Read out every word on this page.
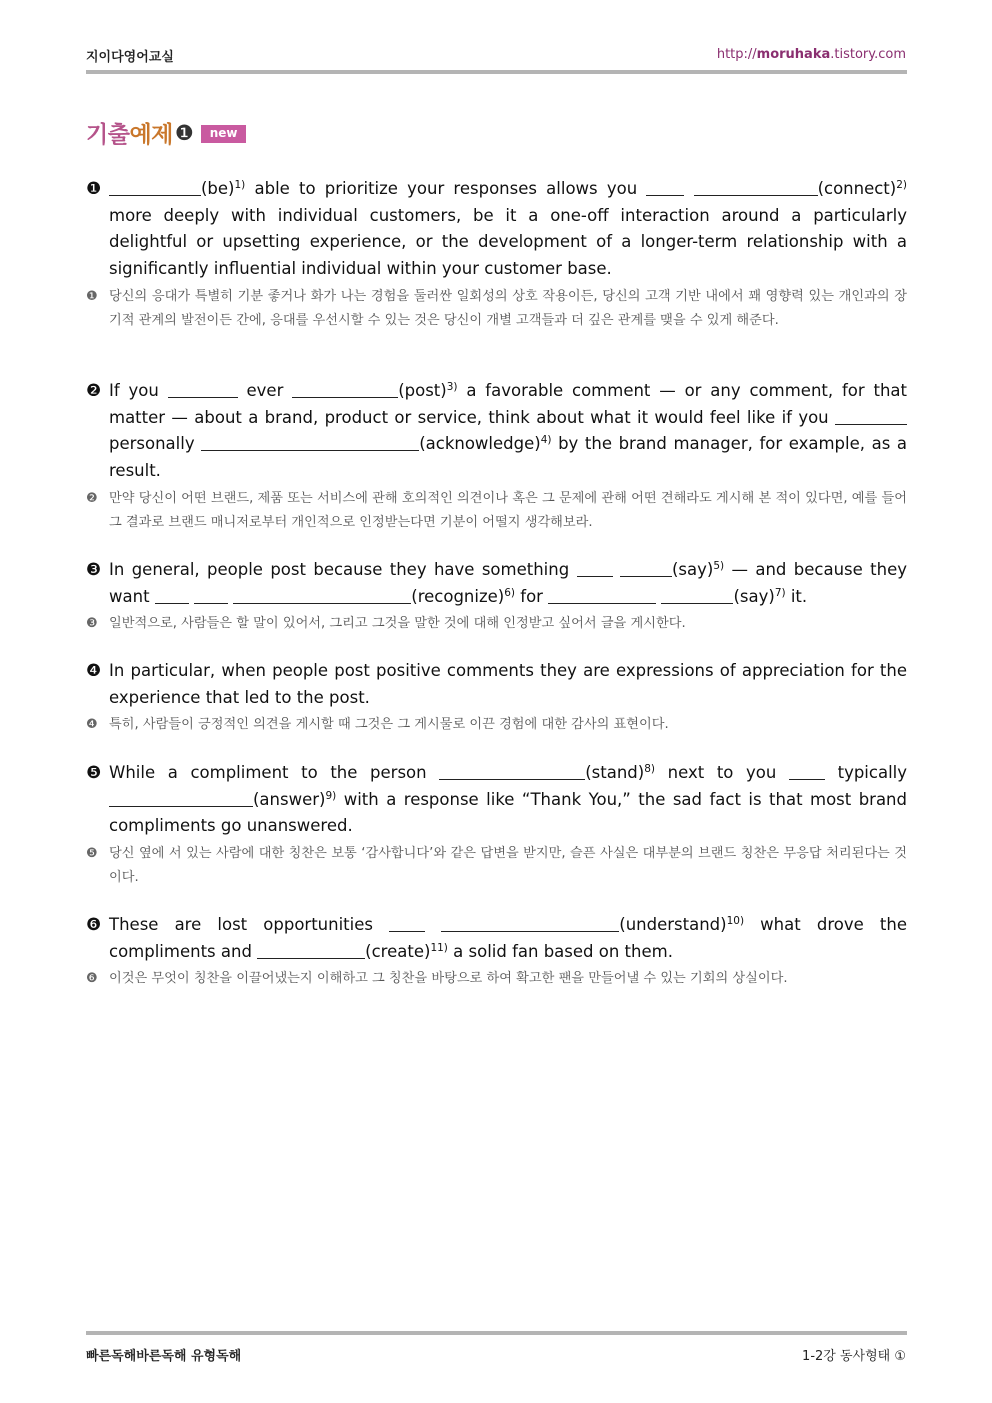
지이다영어교실	http://moruhaka.tistory.com
기출예제 ❶	new
❶	(be)$^{1)}$ able to prioritize your responses allows you	(connect)$^{2)}$ more deeply with individual customers, be it a one-off interaction around a particularly delightful or upsetting experience, or the development of a longer-term relationship with a significantly influential individual within your customer base.
❶ 당신의 응대가 특별히 기분 좋거나 화가 나는 경험을 둘러싼 일회성의 상호 작용이든, 당신의 고객 기반 내에서 꽤 영향력 있는 개인과의 장기적 관계의 발전이든 간에, 응대를 우선시할 수 있는 것은 당신이 개별 고객들과 더 깊은 관계를 맺을 수 있게 해준다.
❷ If you	ever	(post)$^{3)}$ a favorable comment — or any comment, for that matter — about a brand, product or service, think about what it would feel like if you  personally	(acknowledge)$^{4)}$ by the brand manager, for example, as a result.
❷ 만약 당신이 어떤 브랜드, 제품 또는 서비스에 관해 호의적인 의견이나 혹은 그 문제에 관해 어떤 견해라도 게시해 본 적이 있다면, 예를 들어 그 결과로 브랜드 매니저로부터 개인적으로 인정받는다면 기분이 어떨지 생각해보라.
❸ In general, people post because they have something	(say)$^{5)}$ — and because they want	(recognize)$^{6)}$ for	(say)$^{7)}$ it.
❸ 일반적으로, 사람들은 할 말이 있어서, 그리고 그것을 말한 것에 대해 인정받고 싶어서 글을 게시한다.
❹ In particular, when people post positive comments they are expressions of appreciation for the experience that led to the post.
❹ 특히, 사람들이 긍정적인 의견을 게시할 때 그것은 그 게시물로 이끈 경험에 대한 감사의 표현이다.
❺ While a compliment to the person	$(stand)^{8)}$ next to you  typically (answer)$^{9)}$ with a response like “Thank You,” the sad fact is that most brand compliments go unanswered.
❺ 당신 옆에 서 있는 사람에 대한 칭찬은 보통 ‘감사합니다’와 같은 답변을 받지만, 슬픈 사실은 대부분의 브랜드 칭찬은 무응답 처리된다는 것이다.
❻ These are lost opportunities	(understand)$^{10)}$ what drove the compliments and	(create)$^{11)}$ a solid fan based on them.
❻ 이것은 무엇이 칭찬을 이끌어냈는지 이해하고 그 칭찬을 바탕으로 하여 확고한 팬을 만들어낼 수 있는 기회의 상실이다.
빠른독해바른독해 유형독해	1-2강 동사형태 ①
